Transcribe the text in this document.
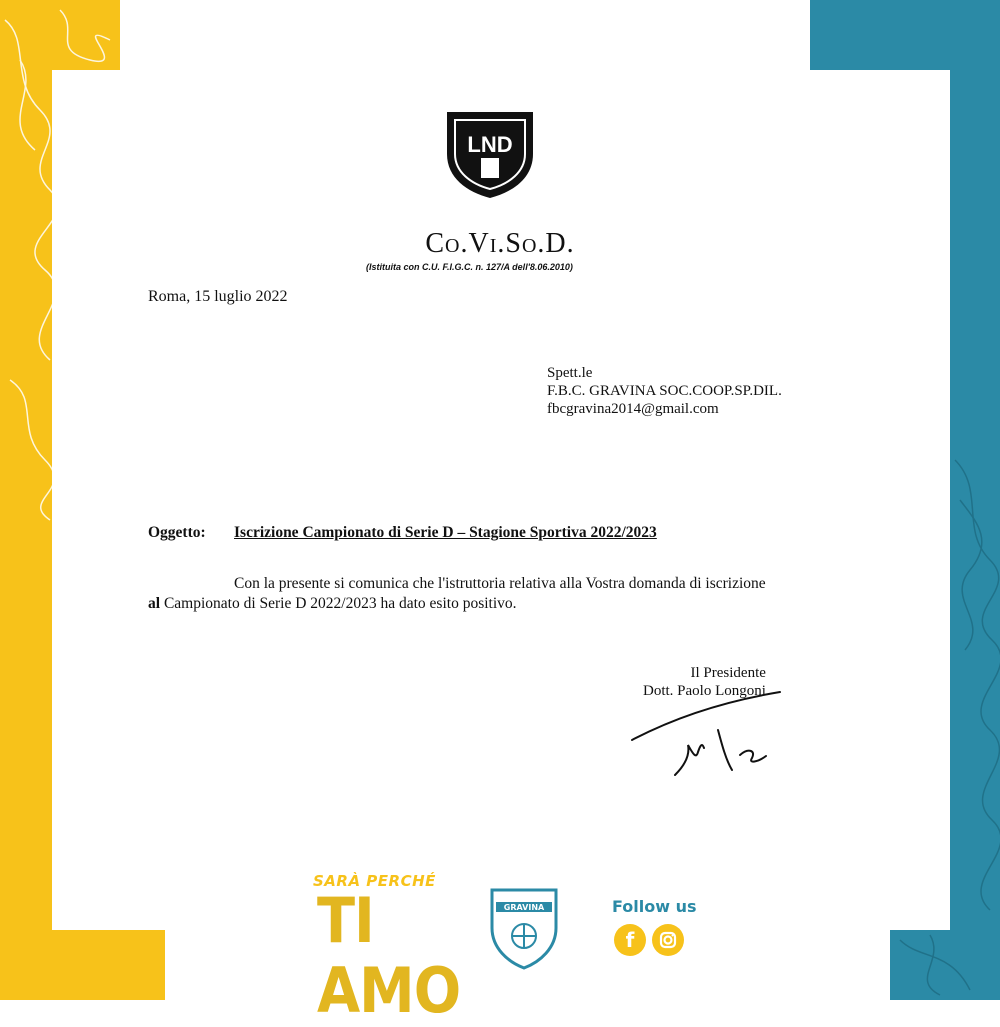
LND
Co.Vi.So.D.
(Istituita con C.U. F.I.G.C. n. 127/A dell'8.06.2010)
Roma, 15 luglio 2022
Spett.le
F.B.C. GRAVINA SOC.COOP.SP.DIL.
fbcgravina2014@gmail.com
Oggetto: Iscrizione Campionato di Serie D – Stagione Sportiva 2022/2023
Con la presente si comunica che l'istruttoria relativa alla Vostra domanda di iscrizione
al Campionato di Serie D 2022/2023 ha dato esito positivo.
Il Presidente
Dott. Paolo Longoni
SARÀ PERCHÉ
TI AMO
GRAVINA	Follow us
f
